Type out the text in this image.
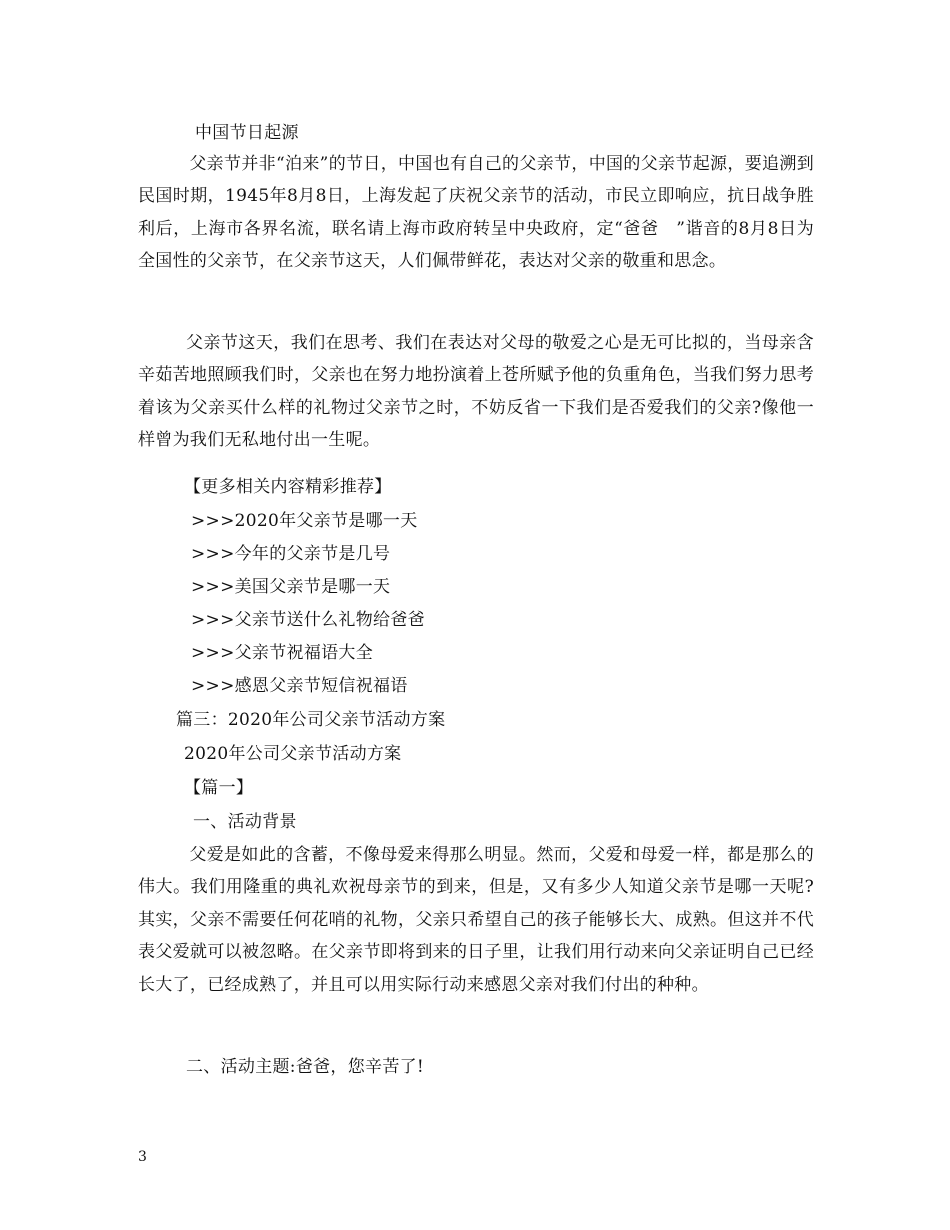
中国节日起源
　父亲节并非“泊来”的节日，中国也有自己的父亲节，中国的父亲节起源，要追溯到民国时期，1945年8月8日，上海发起了庆祝父亲节的活动，市民立即响应，抗日战争胜利后，上海市各界名流，联名请上海市政府转呈中央政府，定“爸爸　”谐音的8月8日为全国性的父亲节，在父亲节这天，人们佩带鲜花，表达对父亲的敬重和思念。
父亲节这天，我们在思考、我们在表达对父母的敬爱之心是无可比拟的，当母亲含辛茹苦地照顾我们时，父亲也在努力地扮演着上苍所赋予他的负重角色，当我们努力思考着该为父亲买什么样的礼物过父亲节之时，不妨反省一下我们是否爱我们的父亲?像他一样曾为我们无私地付出一生呢。
【更多相关内容精彩推荐】
>>>2020年父亲节是哪一天
>>>今年的父亲节是几号
>>>美国父亲节是哪一天
>>>父亲节送什么礼物给爸爸
>>>父亲节祝福语大全
>>>感恩父亲节短信祝福语
篇三：2020年公司父亲节活动方案
2020年公司父亲节活动方案
【篇一】
一、活动背景
　父爱是如此的含蓄，不像母爱来得那么明显。然而，父爱和母爱一样，都是那么的伟大。我们用隆重的典礼欢祝母亲节的到来，但是，又有多少人知道父亲节是哪一天呢?其实，父亲不需要任何花哨的礼物，父亲只希望自己的孩子能够长大、成熟。但这并不代表父爱就可以被忽略。在父亲节即将到来的日子里，让我们用行动来向父亲证明自己已经长大了，已经成熟了，并且可以用实际行动来感恩父亲对我们付出的种种。
二、活动主题:爸爸，您辛苦了!
3
